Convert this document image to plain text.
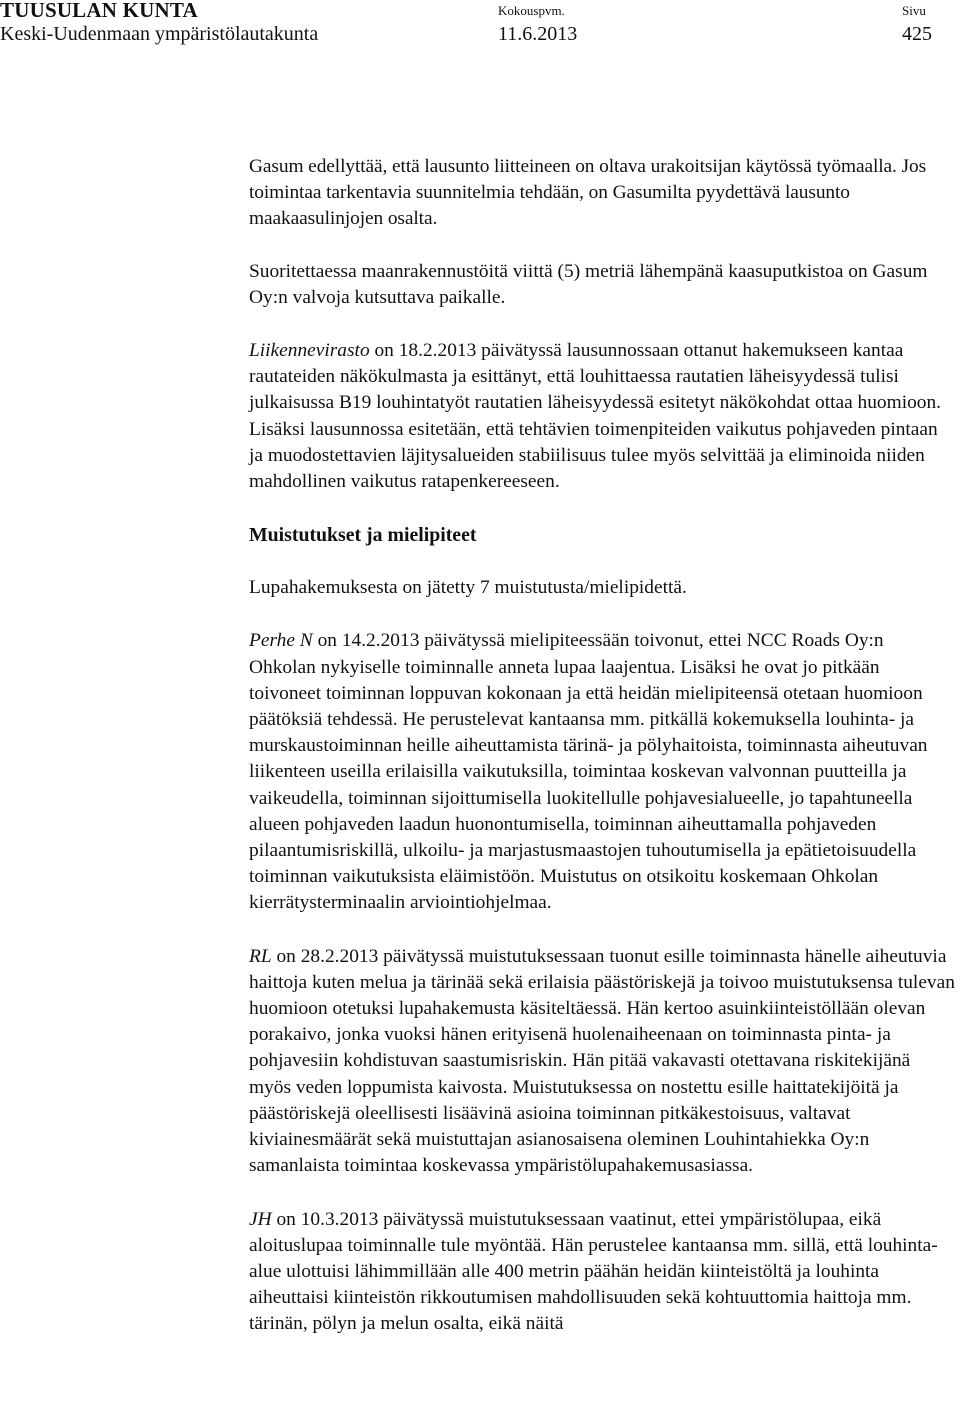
TUUSULAN KUNTA
Keski-Uudenmaan ympäristölautakunta
Kokouspvm.
11.6.2013
Sivu
425

Gasum edellyttää, että lausunto liitteineen on oltava urakoitsijan käytössä työmaalla. Jos toimintaa tarkentavia suunnitelmia tehdään, on Gasumilta pyydettävä lausunto maakaasulinjojen osalta.

Suoritettaessa maanrakennustöitä viittä (5) metriä lähempänä kaasuputkistoa on Gasum Oy:n valvoja kutsuttava paikalle.

Liikennevirasto on 18.2.2013 päivätyssä lausunnossaan ottanut hakemukseen kantaa rautateiden näkökulmasta ja esittänyt, että louhittaessa rautatien läheisyydessä tulisi julkaisussa B19 louhintatyöt rautatien läheisyydessä esitetyt näkökohdat ottaa huomioon. Lisäksi lausunnossa esitetään, että tehtävien toimenpiteiden vaikutus pohjaveden pintaan ja muodostettavien läjitysalueiden stabiilisuus tulee myös selvittää ja eliminoida niiden mahdollinen vaikutus ratapenkereeseen.

Muistutukset ja mielipiteet

Lupahakemuksesta on jätetty 7 muistutusta/mielipidettä.

Perhe N on 14.2.2013 päivätyssä mielipiteessään toivonut, ettei NCC Roads Oy:n Ohkolan nykyiselle toiminnalle anneta lupaa laajentua. Lisäksi he ovat jo pitkään toivoneet toiminnan loppuvan kokonaan ja että heidän mielipiteensä otetaan huomioon päätöksiä tehdessä. He perustelevat kantaansa mm. pitkällä kokemuksella louhinta- ja murskaustoiminnan heille aiheuttamista tärinä- ja pölyhaitoista, toiminnasta aiheutuvan liikenteen useilla erilaisilla vaikutuksilla, toimintaa koskevan valvonnan puutteilla ja vaikeudella, toiminnan sijoittumisella luokitellulle pohjavesialueelle, jo tapahtuneella alueen pohjaveden laadun huonontumisella, toiminnan aiheuttamalla pohjaveden pilaantumisriskillä, ulkoilu- ja marjastusmaastojen tuhoutumisella ja epätietoisuudella toiminnan vaikutuksista eläimistöön. Muistutus on otsikoitu koskemaan Ohkolan kierrätysterminaalin arviointiohjelmaa.

RL on 28.2.2013 päivätyssä muistutuksessaan tuonut esille toiminnasta hänelle aiheutuvia haittoja kuten melua ja tärinää sekä erilaisia päästöriskejä ja toivoo muistutuksensa tulevan huomioon otetuksi lupahakemusta käsiteltäessä. Hän kertoo asuinkiinteistöllään olevan porakaivo, jonka vuoksi hänen erityisenä huolenaiheenaan on toiminnasta pinta- ja pohjavesiin kohdistuvan saastumisriskin. Hän pitää vakavasti otettavana riskitekijänä myös veden loppumista kaivosta. Muistutuksessa on nostettu esille haittatekijöitä ja päästöriskejä oleellisesti lisäävinä asioina toiminnan pitkäkestoisuus, valtavat kiviainesmäärät sekä muistuttajan asianosaisena oleminen Louhintahiekka Oy:n samanlaista toimintaa koskevassa ympäristölupahakemusasiassa.

JH on 10.3.2013 päivätyssä muistutuksessaan vaatinut, ettei ympäristölupaa, eikä aloituslupaa toiminnalle tule myöntää. Hän perustelee kantaansa mm. sillä, että louhinta-alue ulottuisi lähimmillään alle 400 metrin päähän heidän kiinteistöltä ja louhinta aiheuttaisi kiinteistön rikkoutumisen mahdollisuuden sekä kohtuuttomia haittoja mm. tärinän, pölyn ja melun osalta, eikä näitä
